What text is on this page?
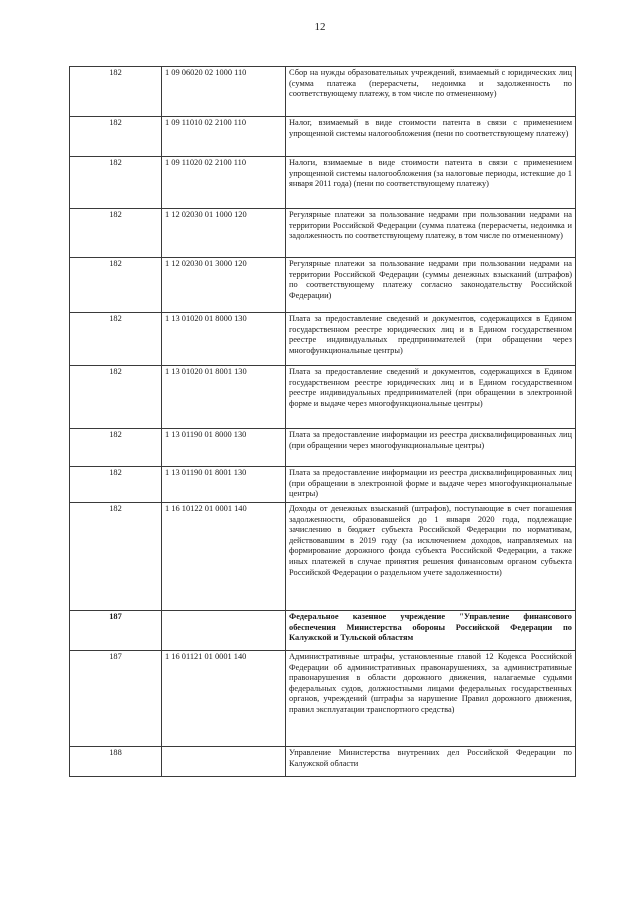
12
182	1 09 06020 02 1000 110	Сбор на нужды образовательных учреждений, взимаемый с юридических лиц (сумма платежа (перерасчеты, недоимка и задолженность по соответствующему платежу, в том числе по отмененному)
182	1 09 11010 02 2100 110	Налог, взимаемый в виде стоимости патента в связи с применением упрощенной системы налогообложения (пени по соответствующему платежу)
182	1 09 11020 02 2100 110	Налоги, взимаемые в виде стоимости патента в связи с применением упрощенной системы налогообложения (за налоговые периоды, истекшие до 1 января 2011 года) (пени по соответствующему платежу)
182	1 12 02030 01 1000 120	Регулярные платежи за пользование недрами при пользовании недрами на территории Российской Федерации (сумма платежа (перерасчеты, недоимка и задолженность по соответствующему платежу, в том числе по отмененному)
182	1 12 02030 01 3000 120	Регулярные платежи за пользование недрами при пользовании недрами на территории Российской Федерации (суммы денежных взысканий (штрафов) по соответствующему платежу согласно законодательству Российской Федерации)
182	1 13 01020 01 8000 130	Плата за предоставление сведений и документов, содержащихся в Едином государственном реестре юридических лиц и в Едином государственном реестре индивидуальных предпринимателей (при обращении через многофункциональные центры)
182	1 13 01020 01 8001 130	Плата за предоставление сведений и документов, содержащихся в Едином государственном реестре юридических лиц и в Едином государственном реестре индивидуальных предпринимателей (при обращении в электронной форме и выдаче через многофункциональные центры)
182	1 13 01190 01 8000 130	Плата за предоставление информации из реестра дисквалифицированных лиц (при обращении через многофункциональные центры)
182	1 13 01190 01 8001 130	Плата за предоставление информации из реестра дисквалифицированных лиц (при обращении в электронной форме и выдаче через многофункциональные центры)
182	1 16 10122 01 0001 140	Доходы от денежных взысканий (штрафов), поступающие в счет погашения задолженности, образовавшейся до 1 января 2020 года, подлежащие зачислению в бюджет субъекта Российской Федерации по нормативам, действовавшим в 2019 году (за исключением доходов, направляемых на формирование дорожного фонда субъекта Российской Федерации, а также иных платежей в случае принятия решения финансовым органом субъекта Российской Федерации о раздельном учете задолженности)
187		Федеральное казенное учреждение "Управление финансового обеспечения Министерства обороны Российской Федерации по Калужской и Тульской областям
187	1 16 01121 01 0001 140	Административные штрафы, установленные главой 12 Кодекса Российской Федерации об административных правонарушениях, за административные правонарушения в области дорожного движения, налагаемые судьями федеральных судов, должностными лицами федеральных государственных органов, учреждений (штрафы за нарушение Правил дорожного движения, правил эксплуатации транспортного средства)
188		Управление Министерства внутренних дел Российской Федерации по Калужской области
